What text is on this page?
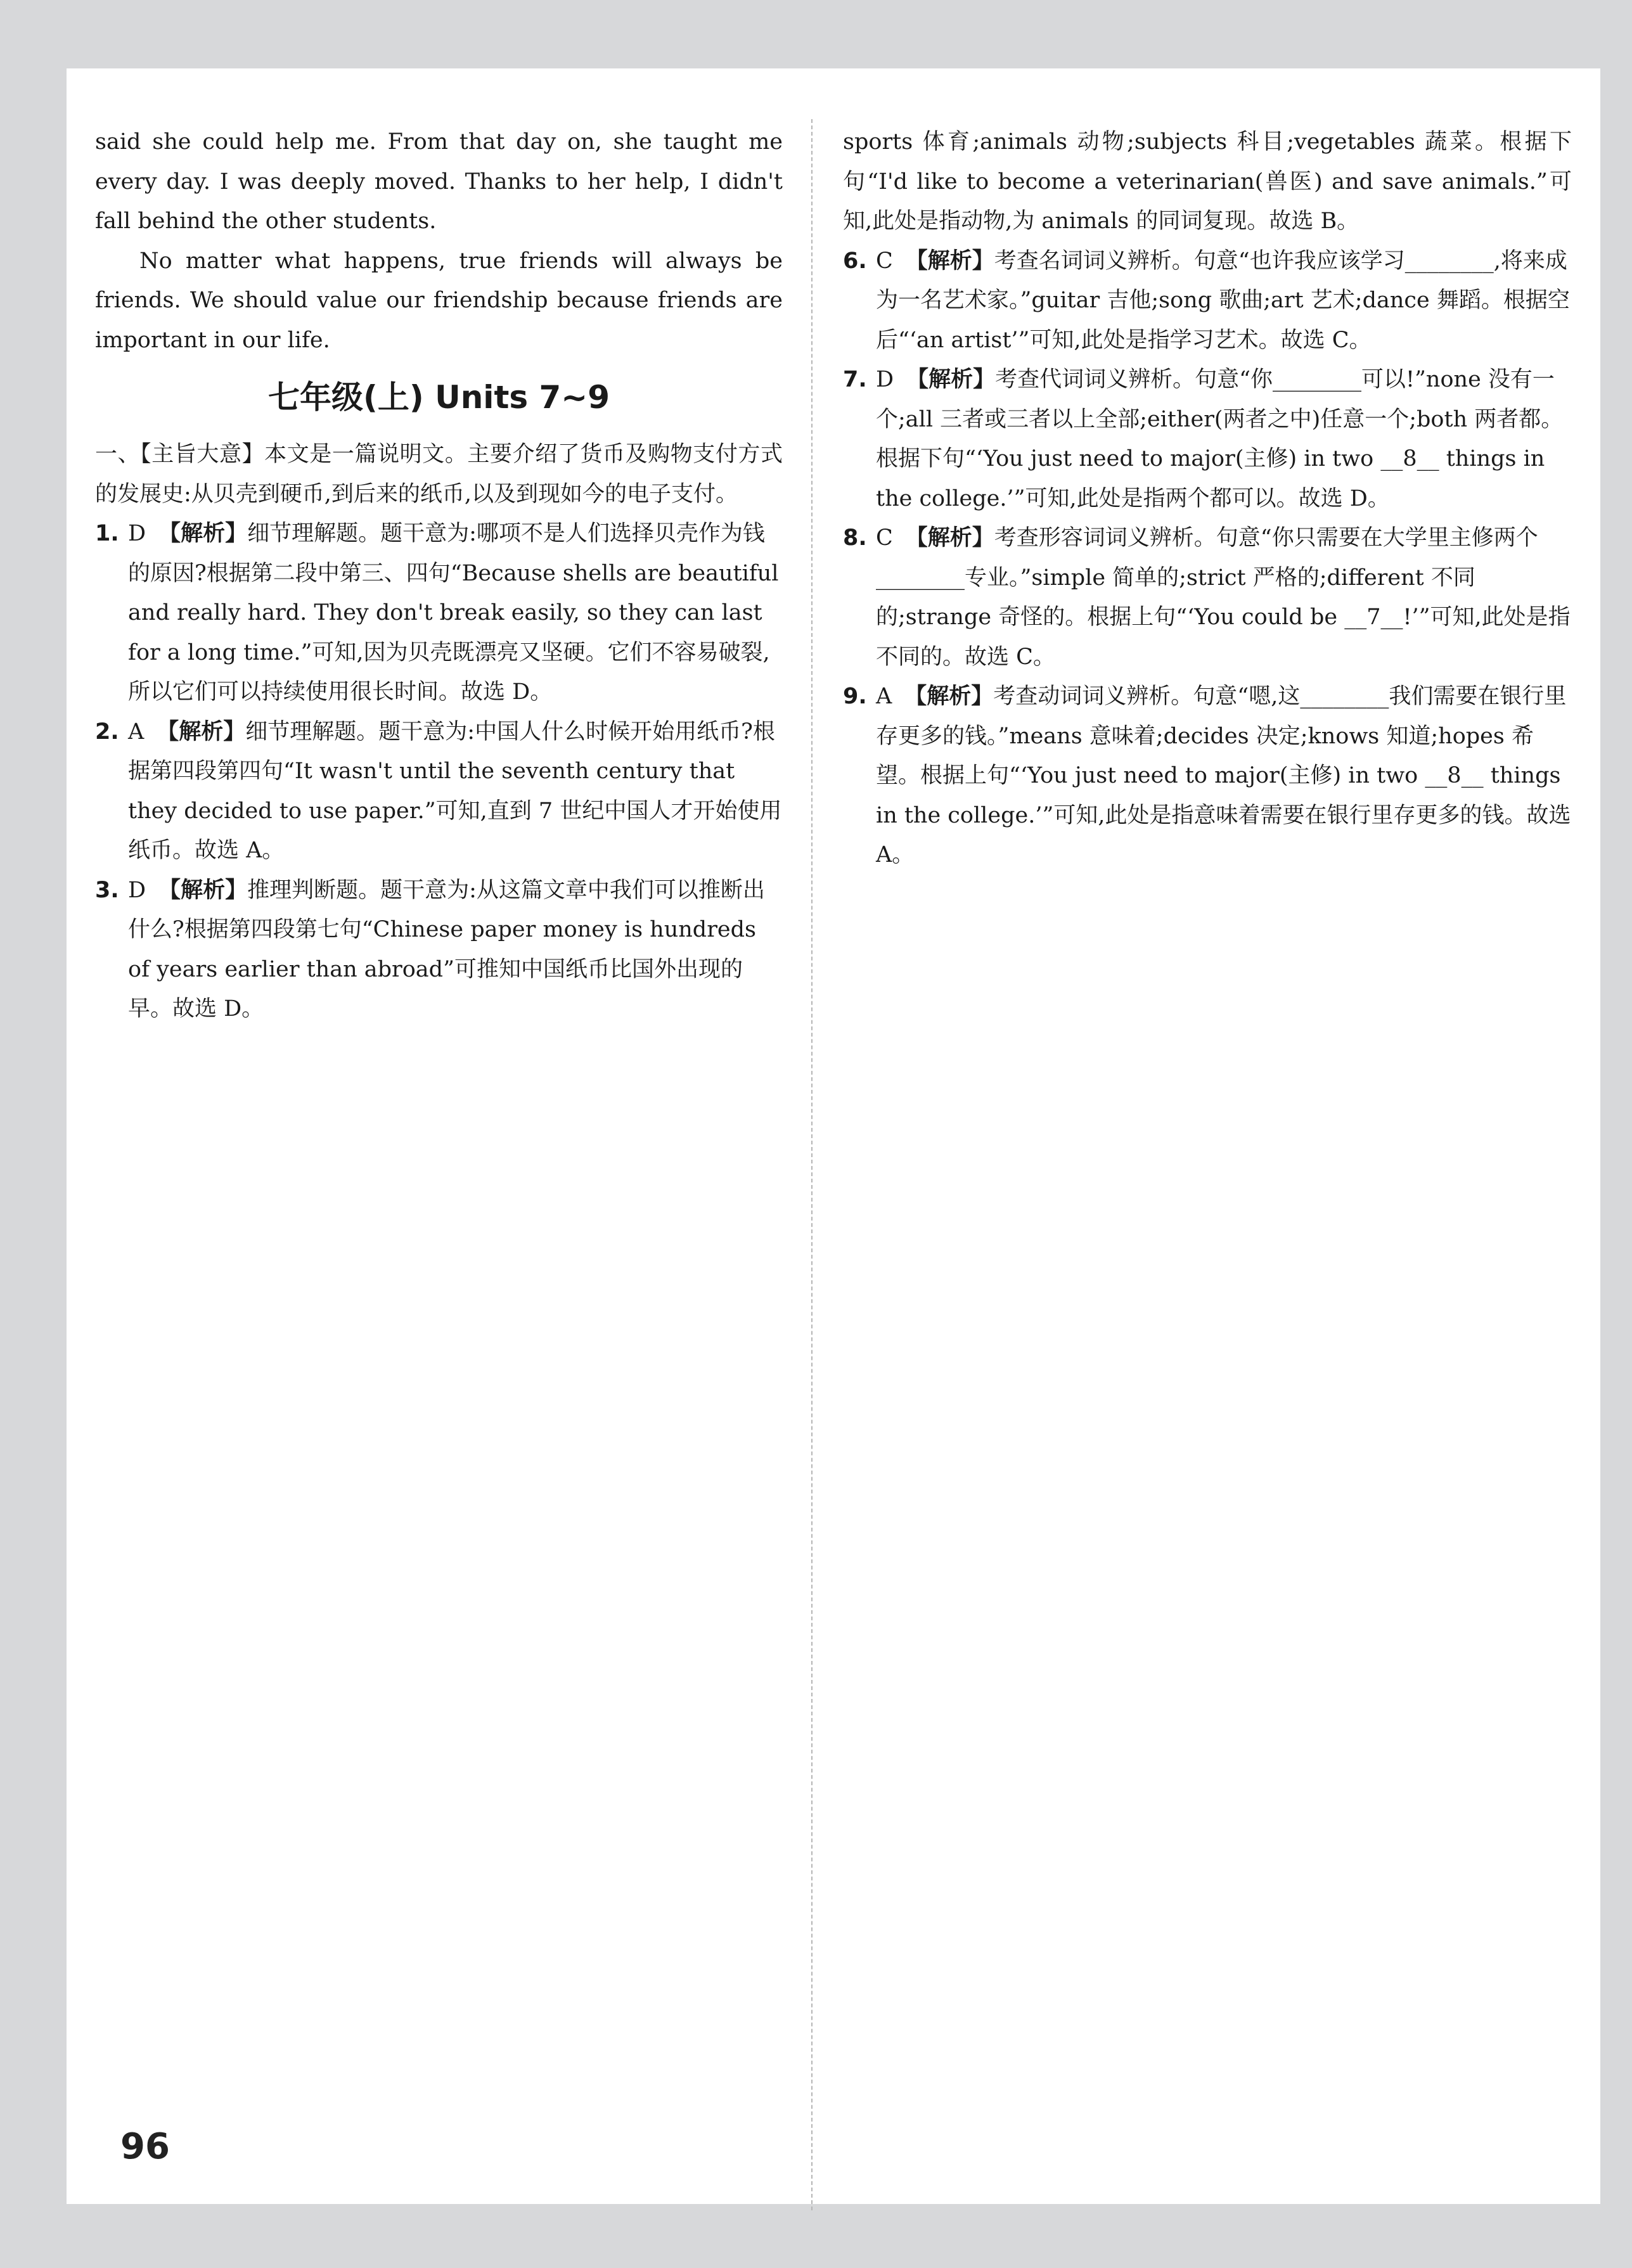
said she could help me. From that day on, she taught me every day. I was deeply moved. Thanks to her help, I didn't fall behind the other students.

No matter what happens, true friends will always be friends. We should value our friendship because friends are important in our life.

七年级(上) Units 7~9

一、【主旨大意】本文是一篇说明文。主要介绍了货币及购物支付方式的发展史:从贝壳到硬币,到后来的纸币,以及到现如今的电子支付。

1. D 【解析】细节理解题。题干意为:哪项不是人们选择贝壳作为钱的原因?根据第二段中第三、四句“Because shells are beautiful and really hard. They don't break easily, so they can last for a long time.”可知,因为贝壳既漂亮又坚硬。它们不容易破裂,所以它们可以持续使用很长时间。故选 D。
2. A 【解析】细节理解题。题干意为:中国人什么时候开始用纸币?根据第四段第四句“It wasn't until the seventh century that they decided to use paper.”可知,直到 7 世纪中国人才开始使用纸币。故选 A。
3. D 【解析】推理判断题。题干意为:从这篇文章中我们可以推断出什么?根据第四段第七句“Chinese paper money is hundreds of years earlier than abroad”可推知中国纸币比国外出现的早。故选 D。

sports 体育;animals 动物;subjects 科目;vegetables 蔬菜。根据下句“I'd like to become a veterinarian(兽医) and save animals.”可知,此处是指动物,为 animals 的同词复现。故选 B。

6. C 【解析】考查名词词义辨析。句意“也许我应该学习________,将来成为一名艺术家。”guitar 吉他;song 歌曲;art 艺术;dance 舞蹈。根据空后“‘an artist’”可知,此处是指学习艺术。故选 C。
7. D 【解析】考查代词词义辨析。句意“你________可以!”none 没有一个;all 三者或三者以上全部;either(两者之中)任意一个;both 两者都。根据下句“‘You just need to major(主修) in two __8__ things in the college.’”可知,此处是指两个都可以。故选 D。
8. C 【解析】考查形容词词义辨析。句意“你只需要在大学里主修两个________专业。”simple 简单的;strict 严格的;different 不同的;strange 奇怪的。根据上句“‘You could be __7__!’”可知,此处是指不同的。故选 C。
9. A 【解析】考查动词词义辨析。句意“嗯,这________我们需要在银行里存更多的钱。”means 意味着;decides 决定;knows 知道;hopes 希望。根据上句“‘You just need to major(主修) in two __8__ things in the college.’”可知,此处是指意味着需要在银行里存更多的钱。故选 A。
96
